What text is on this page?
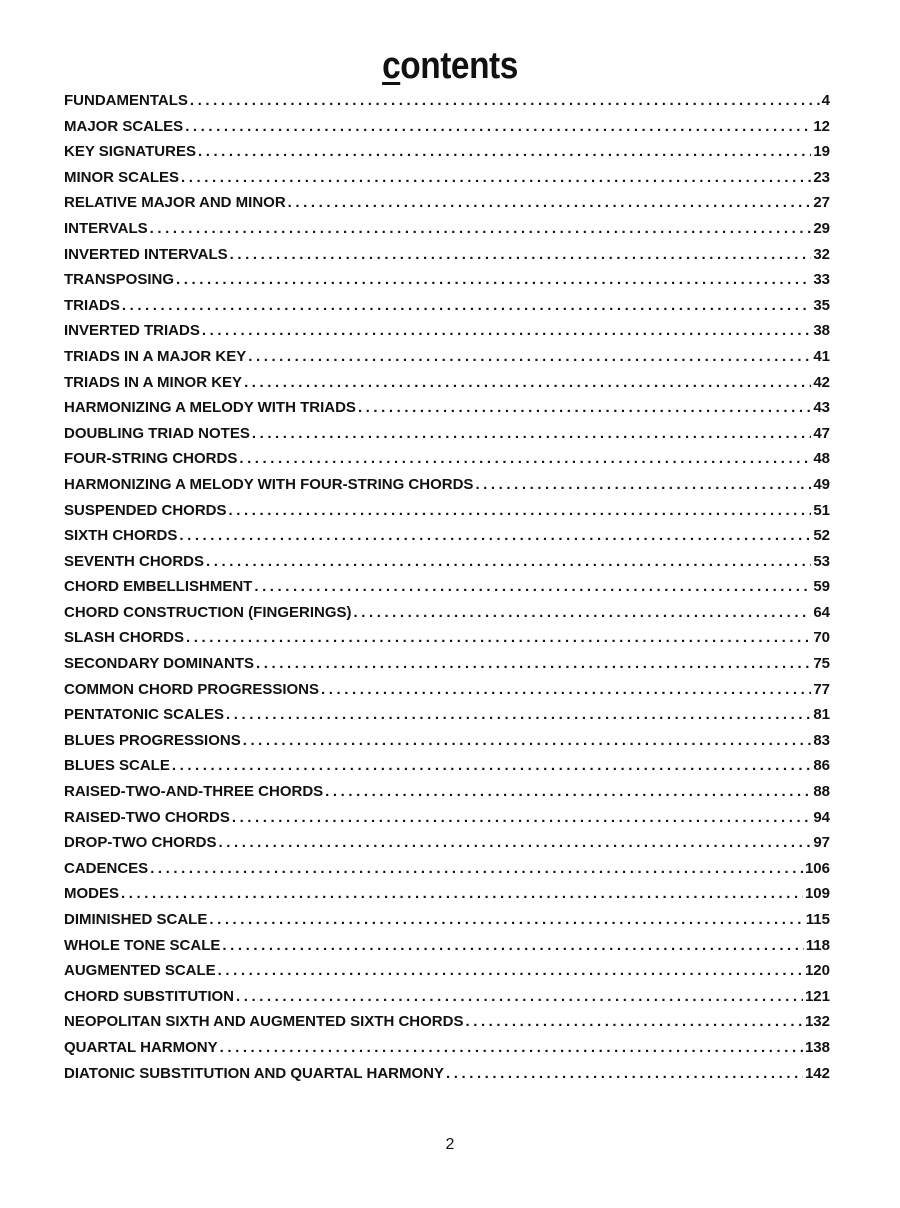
contents
FUNDAMENTALS . . .	4
MAJOR SCALES . . .	12
KEY SIGNATURES . . .	19
MINOR SCALES . . .	23
RELATIVE MAJOR AND MINOR . . .	27
INTERVALS . . .	29
INVERTED INTERVALS . . .	32
TRANSPOSING . . .	33
TRIADS . . .	35
INVERTED TRIADS . . .	38
TRIADS IN A MAJOR KEY . . .	41
TRIADS IN A MINOR KEY . . .	42
HARMONIZING A MELODY WITH TRIADS . . .	43
DOUBLING TRIAD NOTES . . .	47
FOUR-STRING CHORDS . . .	48
HARMONIZING A MELODY WITH FOUR-STRING CHORDS . . .	49
SUSPENDED CHORDS . . .	51
SIXTH CHORDS . . .	52
SEVENTH CHORDS . . .	53
CHORD EMBELLISHMENT . . .	59
CHORD CONSTRUCTION (FINGERINGS) . . .	64
SLASH CHORDS . . .	70
SECONDARY DOMINANTS . . .	75
COMMON CHORD PROGRESSIONS . . .	77
PENTATONIC SCALES . . .	81
BLUES PROGRESSIONS . . .	83
BLUES SCALE . . .	86
RAISED-TWO-AND-THREE CHORDS . . .	88
RAISED-TWO CHORDS . . .	94
DROP-TWO CHORDS . . .	97
CADENCES . . .	106
MODES . . .	109
DIMINISHED SCALE . . .	115
WHOLE TONE SCALE . . .	118
AUGMENTED SCALE . . .	120
CHORD SUBSTITUTION . . .	121
NEOPOLITAN SIXTH AND AUGMENTED SIXTH CHORDS . . .	132
QUARTAL HARMONY . . .	138
DIATONIC SUBSTITUTION AND QUARTAL HARMONY . . .	142
2
